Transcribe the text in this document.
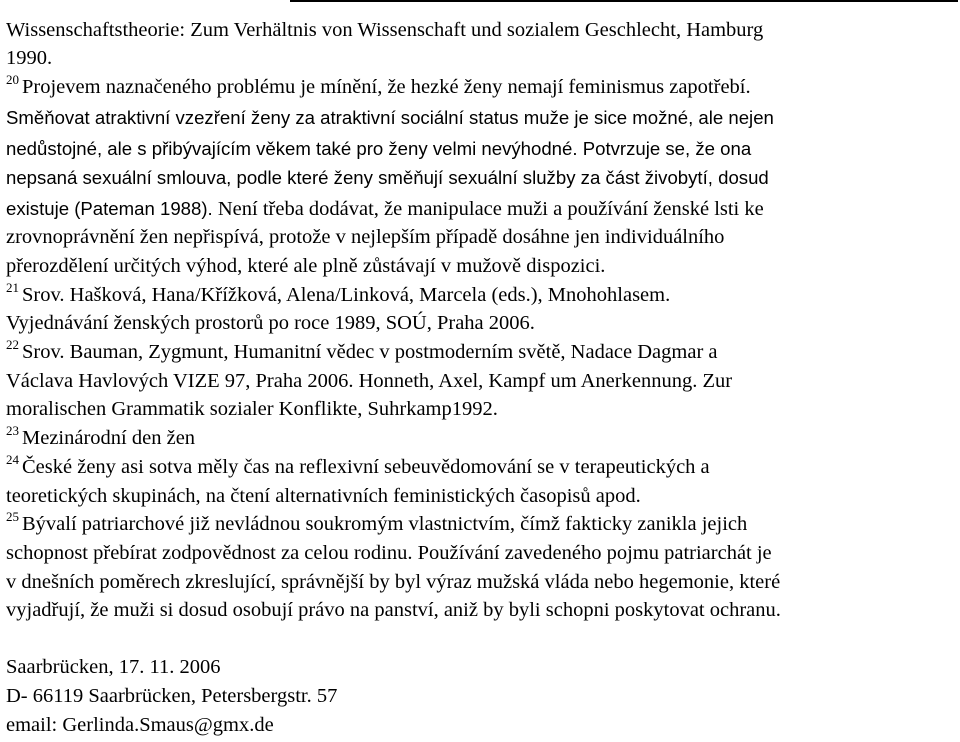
Wissenschaftstheorie: Zum Verhältnis von Wissenschaft und sozialem Geschlecht, Hamburg
1990.
$^{20}$ Projevem naznačeného problému je mínění, že hezké ženy nemají feminismus zapotřebí.
Směňovat atraktivní vzezření ženy za atraktivní sociální status muže je sice možné, ale nejen
nedůstojné, ale s přibývajícím věkem také pro ženy velmi nevýhodné. Potvrzuje se, že ona
nepsaná sexuální smlouva, podle které ženy směňují sexuální služby za část živobytí, dosud
existuje (Pateman 1988). Není třeba dodávat, že manipulace muži a používání ženské lsti ke
zrovnoprávnění žen nepřispívá, protože v nejlepším případě dosáhne jen individuálního
přerozdělení určitých výhod, které ale plně zůstávají v mužově dispozici.
$^{21}$ Srov. Hašková, Hana/Křížková, Alena/Linková, Marcela (eds.), Mnohohlasem.
Vyjednávání ženských prostorů po roce 1989, SOÚ, Praha 2006.
$^{22}$ Srov. Bauman, Zygmunt, Humanitní vědec v postmoderním světě, Nadace Dagmar a
Václava Havlových VIZE 97, Praha 2006. Honneth, Axel, Kampf um Anerkennung. Zur
moralischen Grammatik sozialer Konflikte, Suhrkamp1992.
$^{23}$ Mezinárodní den žen
$^{24}$ České ženy asi sotva měly čas na reflexivní sebeuvědomování se v terapeutických a
teoretických skupinách, na čtení alternativních feministických časopisů apod.
$^{25}$ Bývalí patriarchové již nevládnou soukromým vlastnictvím, čímž fakticky zanikla jejich
schopnost přebírat zodpovědnost za celou rodinu. Používání zavedeného pojmu patriarchát je
v dnešních poměrech zkreslující, správnější by byl výraz mužská vláda nebo hegemonie, které
vyjadřují, že muži si dosud osobují právo na panství, aniž by byli schopni poskytovat ochranu.
Saarbrücken, 17. 11. 2006
D- 66119 Saarbrücken, Petersbergstr. 57
email: Gerlinda.Smaus@gmx.de
